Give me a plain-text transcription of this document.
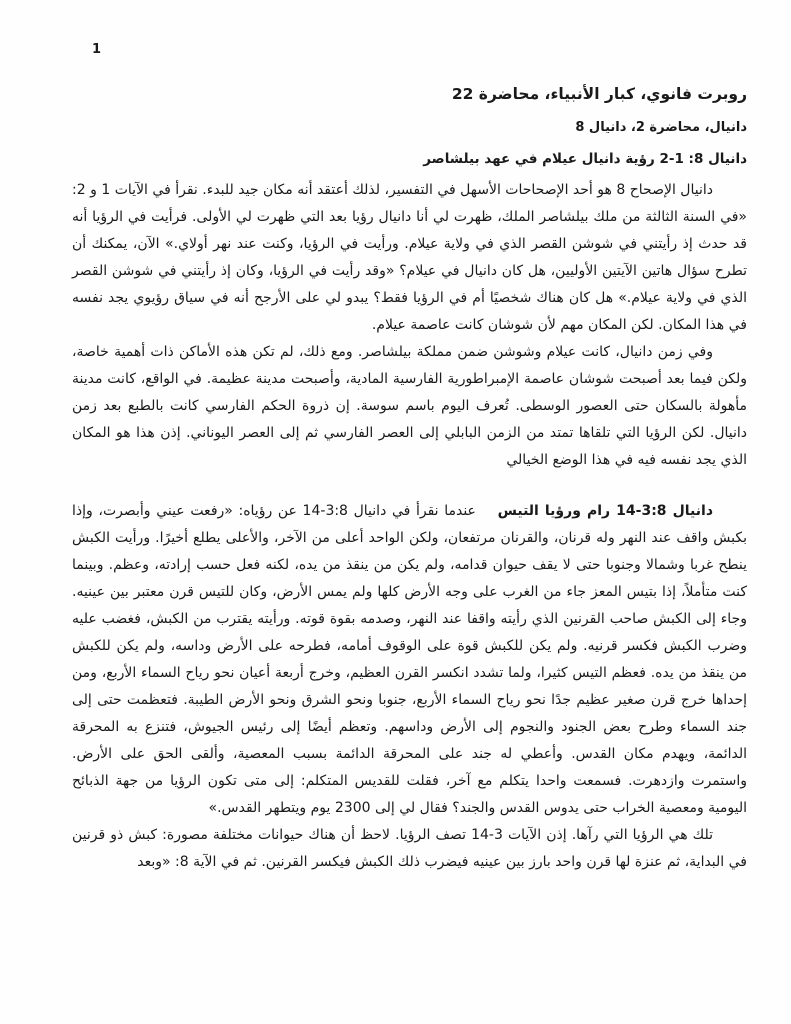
1
روبرت فانوي، كبار الأنبياء، محاضرة 22
دانيال، محاضرة 2، دانيال 8
دانيال 8: 1-2 رؤية دانيال عيلام في عهد بيلشاصر

دانيال الإصحاح 8 هو أحد الإصحاحات الأسهل في التفسير، لذلك أعتقد أنه مكان جيد للبدء. نقرأ في الآيات 1 و 2: «في السنة الثالثة من ملك بيلشاصر الملك، ظهرت لي أنا دانيال رؤيا بعد التي ظهرت لي الأولى. فرأيت في الرؤيا أنه قد حدث إذ رأيتني في شوشن القصر الذي في ولاية عيلام. ورأيت في الرؤيا، وكنت عند نهر أولاي.» الآن، يمكنك أن تطرح سؤال هاتين الآيتين الأوليين، هل كان دانيال في عيلام؟ «وقد رأيت في الرؤيا، وكان إذ رأيتني في شوشن القصر الذي في ولاية عيلام.» هل كان هناك شخصيًا أم في الرؤيا فقط؟ يبدو لي على الأرجح أنه في سياق رؤيوي يجد نفسه في هذا المكان. لكن المكان مهم لأن شوشان كانت عاصمة عيلام.

وفي زمن دانيال، كانت عيلام وشوشن ضمن مملكة بيلشاصر. ومع ذلك، لم تكن هذه الأماكن ذات أهمية خاصة، ولكن فيما بعد أصبحت شوشان عاصمة الإمبراطورية الفارسية المادية، وأصبحت مدينة عظيمة. في الواقع، كانت مدينة مأهولة بالسكان حتى العصور الوسطى. تُعرف اليوم باسم سوسة. إن ذروة الحكم الفارسي كانت بالطبع بعد زمن دانيال. لكن الرؤيا التي تلقاها تمتد من الزمن البابلي إلى العصر الفارسي ثم إلى العصر اليوناني. إذن هذا هو المكان الذي يجد نفسه فيه في هذا الوضع الخيالي

دانيال 3:8-14 رام ورؤيا التيس عندما نقرأ في دانيال 3:8-14 عن رؤياه: «رفعت عيني وأبصرت، وإذا بكبش واقف عند النهر وله قرنان، والقرنان مرتفعان، ولكن الواحد أعلى من الآخر، والأعلى يطلع أخيرًا. ورأيت الكبش ينطح غربا وشمالا وجنوبا حتى لا يقف حيوان قدامه، ولم يكن من ينقذ من يده، لكنه فعل حسب إرادته، وعظم. وبينما كنت متأملاً، إذا بتيس المعز جاء من الغرب على وجه الأرض كلها ولم يمس الأرض، وكان للتيس قرن معتبر بين عينيه. وجاء إلى الكبش صاحب القرنين الذي رأيته واقفا عند النهر، وصدمه بقوة قوته. ورأيته يقترب من الكبش، فغضب عليه وضرب الكبش فكسر قرنيه. ولم يكن للكبش قوة على الوقوف أمامه، فطرحه على الأرض وداسه، ولم يكن للكبش من ينقذ من يده. فعظم التيس كثيرا، ولما تشدد انكسر القرن العظيم، وخرج أربعة أعيان نحو رياح السماء الأربع، ومن إحداها خرج قرن صغير عظيم جدًا نحو رياح السماء الأربع، جنوبا ونحو الشرق ونحو الأرض الطيبة. فتعظمت حتى إلى جند السماء وطرح بعض الجنود والنجوم إلى الأرض وداسهم. وتعظم أيضًا إلى رئيس الجيوش، فتنزع به المحرقة الدائمة، ويهدم مكان القدس. وأعطي له جند على المحرقة الدائمة بسبب المعصية، وألقى الحق على الأرض. واستمرت وازدهرت. فسمعت واحدا يتكلم مع آخر، فقلت للقديس المتكلم: إلى متى تكون الرؤيا من جهة الذبائح اليومية ومعصية الخراب حتى يدوس القدس والجند؟ فقال لي إلى 2300 يوم ويتطهر القدس.»

تلك هي الرؤيا التي رآها. إذن الآيات 3-14 تصف الرؤيا. لاحظ أن هناك حيوانات مختلفة مصورة: كبش ذو قرنين في البداية، ثم عنزة لها قرن واحد بارز بين عينيه فيضرب ذلك الكبش فيكسر القرنين. ثم في الآية 8: «وبعد
